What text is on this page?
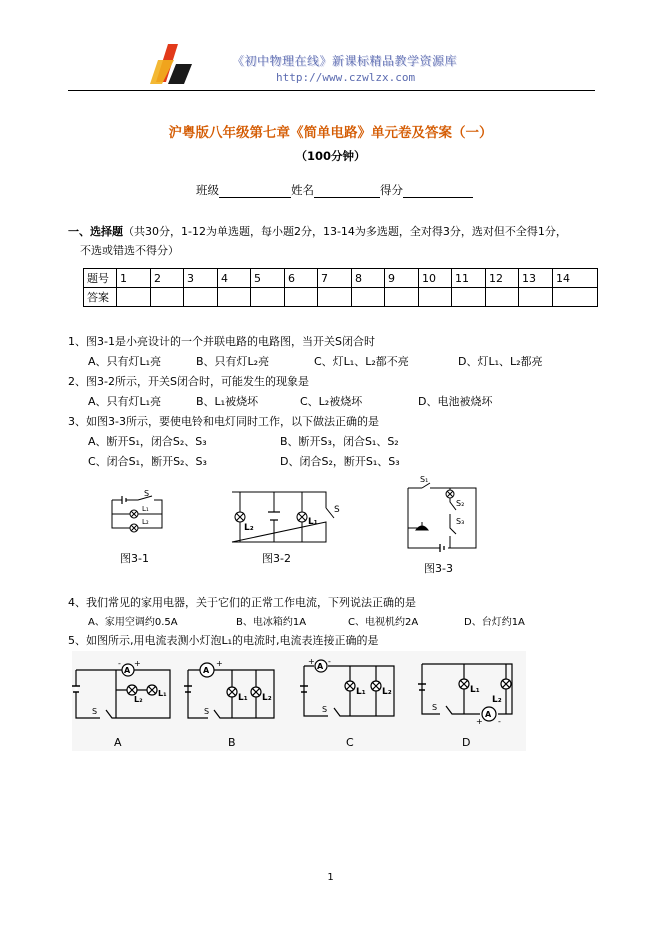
《初中物理在线》新课标精品教学资源库
http://www.czwlzx.com
沪粤版八年级第七章《简单电路》单元卷及答案（一）
（100分钟）
班级	姓名	得分
一、选择题（共30分，1-12为单选题，每小题2分，13-14为多选题，全对得3分，选对但不全得1分，
不选或错选不得分）
题号	1	2	3	4	5	6	7	8	9	10	11	12	13	14
答案														
1、图3-1是小亮设计的一个并联电路的电路图，当开关S闭合时
A、只有灯L₁亮	B、只有灯L₂亮	C、灯L₁、L₂都不亮	D、灯L₁、L₂都亮
2、图3-2所示，开关S闭合时，可能发生的现象是
A、只有灯L₁亮	B、L₁被烧坏	C、L₂被烧坏	D、电池被烧坏
3、如图3-3所示，要使电铃和电灯同时工作，以下做法正确的是
A、断开S₁，闭合S₂、S₃	B、断开S₃，闭合S₁、S₂
C、闭合S₁，断开S₂、S₃	D、闭合S₂，断开S₁、S₃
S
L₁
L₂
图3-1
L₂
L₁
S
图3-2
S₁
S₂
S₃
图3-3
4、我们常见的家用电器，关于它们的正常工作电流，下列说法正确的是
A、家用空调约0.5A	B、电冰箱约1A	C、电视机约2A	D、台灯约1A
5、如图所示,用电流表测小灯泡L₁的电流时,电流表连接正确的是
A
- +
L₂
L₁
S
A
A
+
L₁ L₂
S
B
A
+ -
L₁ L₂
S
C
A
+ -
L₁
L₂
S
D
1
